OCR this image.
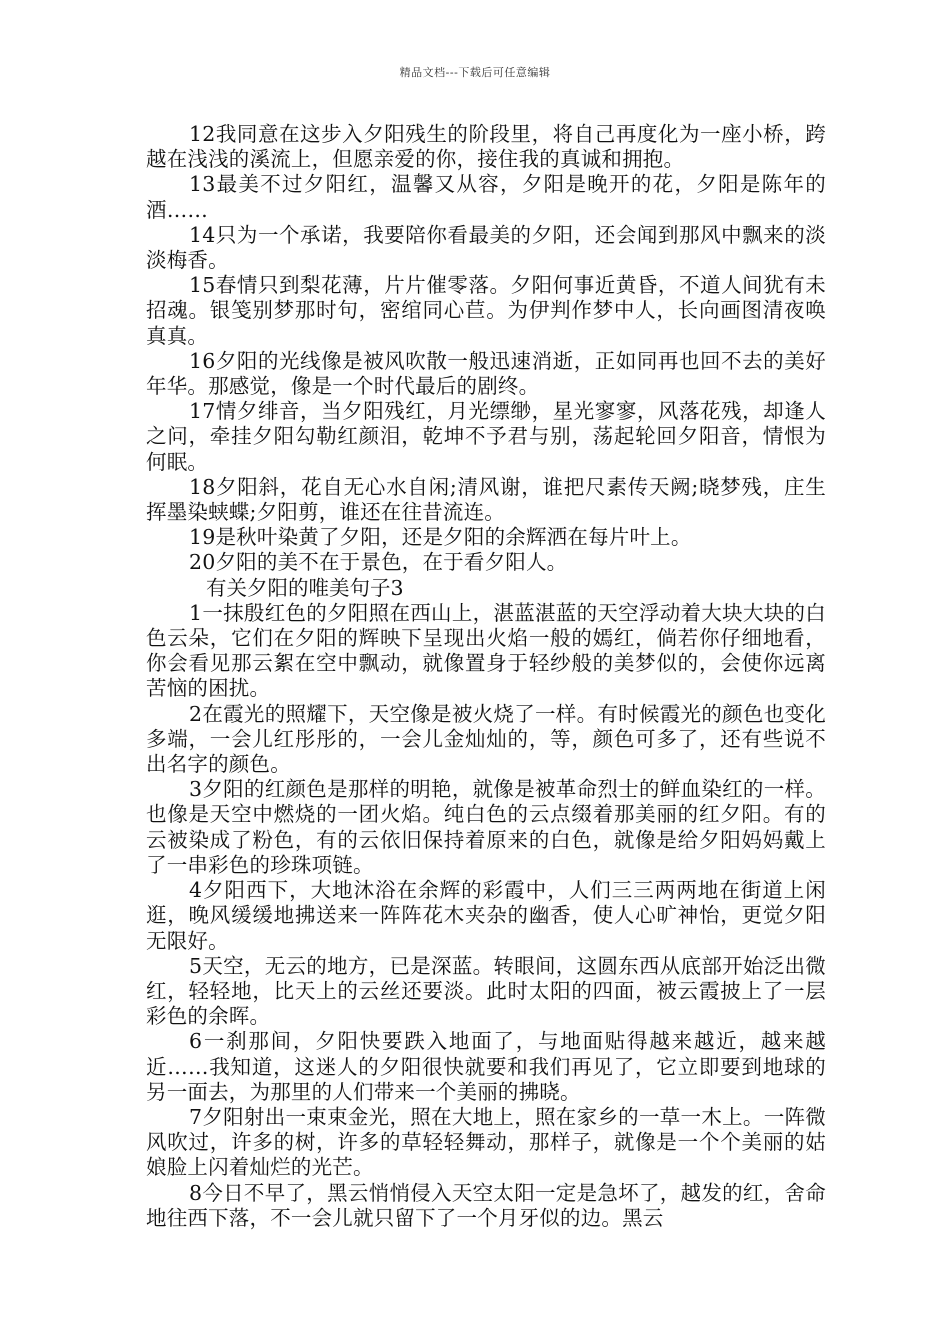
精品文档---下载后可任意编辑

12我同意在这步入夕阳残生的阶段里，将自己再度化为一座小桥，跨越在浅浅的溪流上，但愿亲爱的你，接住我的真诚和拥抱。

13最美不过夕阳红，温馨又从容，夕阳是晚开的花，夕阳是陈年的酒……

14只为一个承诺，我要陪你看最美的夕阳，还会闻到那风中飘来的淡淡梅香。

15春情只到梨花薄，片片催零落。夕阳何事近黄昏，不道人间犹有未招魂。银笺别梦那时句，密绾同心苣。为伊判作梦中人，长向画图清夜唤真真。

16夕阳的光线像是被风吹散一般迅速消逝，正如同再也回不去的美好年华。那感觉，像是一个时代最后的剧终。

17情夕绯音，当夕阳残红，月光缥缈，星光寥寥，风落花残，却逢人之问，牵挂夕阳勾勒红颜泪，乾坤不予君与别，荡起轮回夕阳音，情恨为何眠。

18夕阳斜，花自无心水自闲;清风谢，谁把尺素传天阙;晓梦残，庄生挥墨染蛱蝶;夕阳剪，谁还在往昔流连。

19是秋叶染黄了夕阳，还是夕阳的余辉洒在每片叶上。

20夕阳的美不在于景色，在于看夕阳人。

有关夕阳的唯美句子3

1一抹殷红色的夕阳照在西山上，湛蓝湛蓝的天空浮动着大块大块的白色云朵，它们在夕阳的辉映下呈现出火焰一般的嫣红，倘若你仔细地看，你会看见那云絮在空中飘动，就像置身于轻纱般的美梦似的，会使你远离苦恼的困扰。

2在霞光的照耀下，天空像是被火烧了一样。有时候霞光的颜色也变化多端，一会儿红彤彤的，一会儿金灿灿的，等，颜色可多了，还有些说不出名字的颜色。

3夕阳的红颜色是那样的明艳，就像是被革命烈士的鲜血染红的一样。也像是天空中燃烧的一团火焰。纯白色的云点缀着那美丽的红夕阳。有的云被染成了粉色，有的云依旧保持着原来的白色，就像是给夕阳妈妈戴上了一串彩色的珍珠项链。

4夕阳西下，大地沐浴在余辉的彩霞中，人们三三两两地在街道上闲逛，晚风缓缓地拂送来一阵阵花木夹杂的幽香，使人心旷神怡，更觉夕阳无限好。

5天空，无云的地方，已是深蓝。转眼间，这圆东西从底部开始泛出微红，轻轻地，比天上的云丝还要淡。此时太阳的四面，被云霞披上了一层彩色的余晖。

6一刹那间，夕阳快要跌入地面了，与地面贴得越来越近，越来越近……我知道，这迷人的夕阳很快就要和我们再见了，它立即要到地球的另一面去，为那里的人们带来一个美丽的拂晓。

7夕阳射出一束束金光，照在大地上，照在家乡的一草一木上。一阵微风吹过，许多的树，许多的草轻轻舞动，那样子，就像是一个个美丽的姑娘脸上闪着灿烂的光芒。

8今日不早了，黑云悄悄侵入天空太阳一定是急坏了，越发的红，舍命地往西下落，不一会儿就只留下了一个月牙似的边。黑云
